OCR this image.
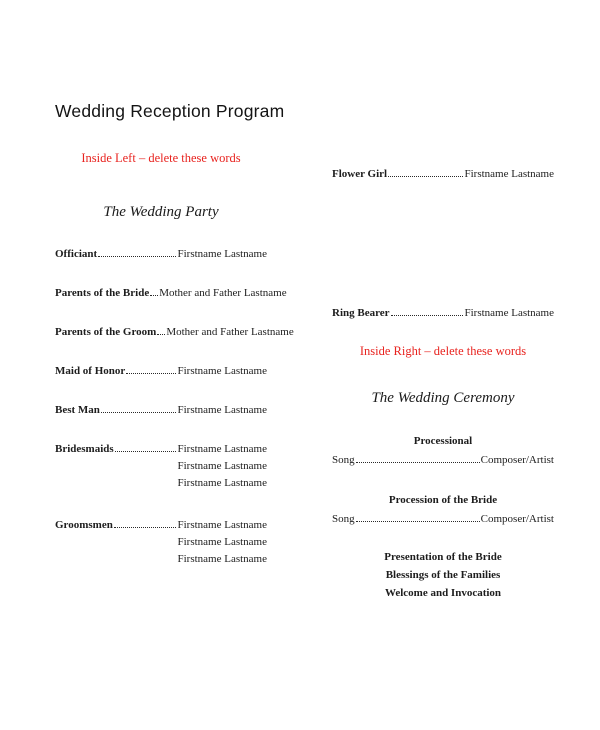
Wedding Reception Program
Inside Left – delete these words
The Wedding Party
Officiant	Firstname Lastname
Parents of the Bride Mother and Father Lastname
Parents of the Groom Mother and Father Lastname
Maid of Honor	Firstname Lastname
Best Man	Firstname Lastname
Bridesmaids	Firstname Lastname
Firstname Lastname
Firstname Lastname
Groomsmen	Firstname Lastname
Firstname Lastname
Firstname Lastname
Flower Girl	Firstname Lastname
Ring Bearer	Firstname Lastname
Inside Right – delete these words
The Wedding Ceremony
Processional
Song	Composer/Artist
Procession of the Bride
Song	Composer/Artist
Presentation of the Bride
Blessings of the Families
Welcome and Invocation
